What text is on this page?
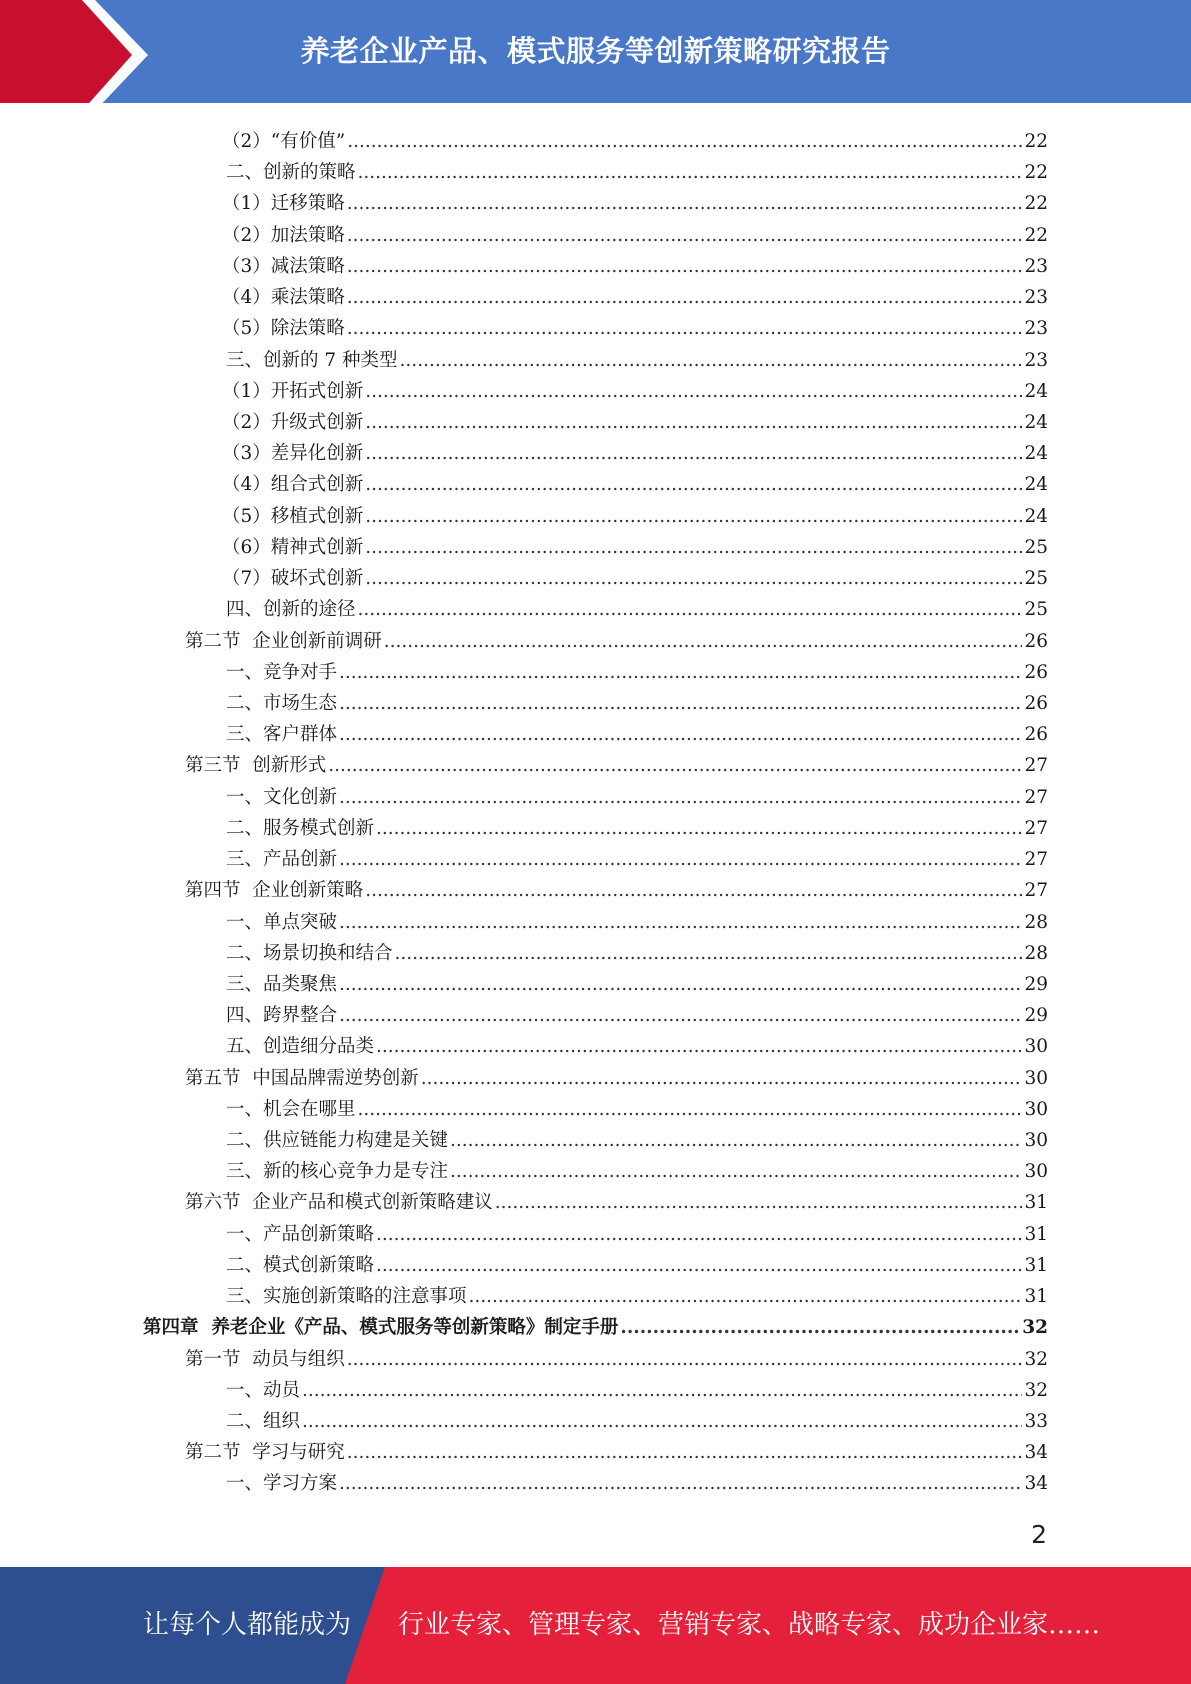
养老企业产品、模式服务等创新策略研究报告
（2）“有价值” .....	22
二、创新的策略 .....	22
（1）迁移策略 .....	22
（2）加法策略 .....	22
（3）减法策略 .....	23
（4）乘法策略 .....	23
（5）除法策略 .....	23
三、创新的 7 种类型 .....	23
（1）开拓式创新 .....	24
（2）升级式创新 .....	24
（3）差异化创新 .....	24
（4）组合式创新 .....	24
（5）移植式创新 .....	24
（6）精神式创新 .....	25
（7）破坏式创新 .....	25
四、创新的途径 .....	25
第二节  企业创新前调研 .....	26
一、竞争对手 .....	26
二、市场生态 .....	26
三、客户群体 .....	26
第三节  创新形式 .....	27
一、文化创新 .....	27
二、服务模式创新 .....	27
三、产品创新 .....	27
第四节  企业创新策略 .....	27
一、单点突破 .....	28
二、场景切换和结合 .....	28
三、品类聚焦 .....	29
四、跨界整合 .....	29
五、创造细分品类 .....	30
第五节  中国品牌需逆势创新 .....	30
一、机会在哪里 .....	30
二、供应链能力构建是关键 .....	30
三、新的核心竞争力是专注 .....	30
第六节  企业产品和模式创新策略建议 .....	31
一、产品创新策略 .....	31
二、模式创新策略 .....	31
三、实施创新策略的注意事项 .....	31
第四章  养老企业《产品、模式服务等创新策略》制定手册 .....	32
第一节  动员与组织 .....	32
一、动员 .....	32
二、组织 .....	33
第二节  学习与研究 .....	34
一、学习方案 .....	34
2
让每个人都能成为 行业专家、管理专家、营销专家、战略专家、成功企业家……
